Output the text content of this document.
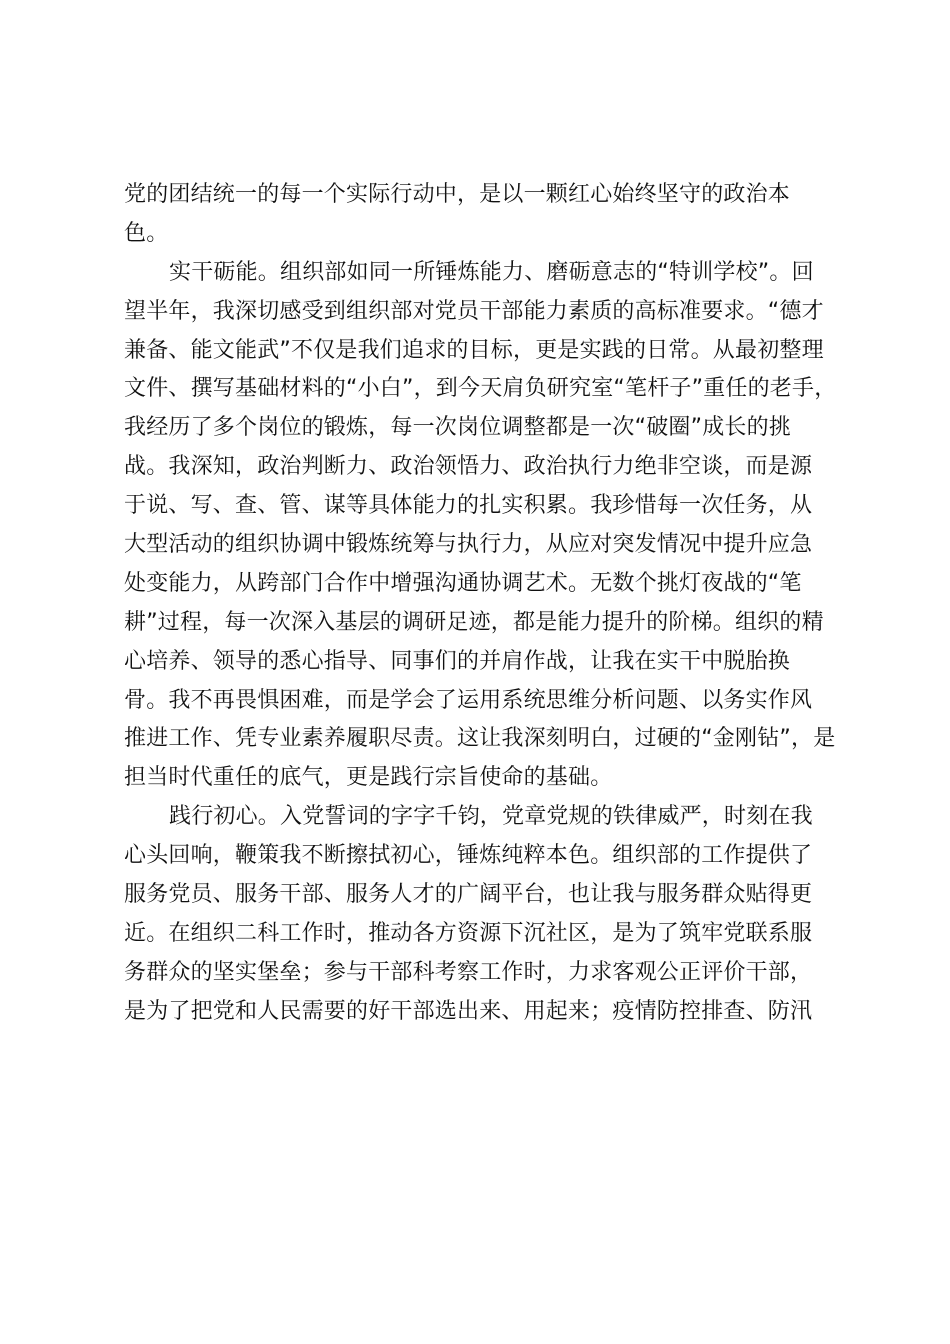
党的团结统一的每一个实际行动中，是以一颗红心始终坚守的政治本
色。
实干砺能。组织部如同一所锤炼能力、磨砺意志的“特训学校”。回
望半年，我深切感受到组织部对党员干部能力素质的高标准要求。“德才
兼备、能文能武”不仅是我们追求的目标，更是实践的日常。从最初整理
文件、撰写基础材料的“小白”，到今天肩负研究室“笔杆子”重任的老手，
我经历了多个岗位的锻炼，每一次岗位调整都是一次“破圈”成长的挑
战。我深知，政治判断力、政治领悟力、政治执行力绝非空谈，而是源
于说、写、查、管、谋等具体能力的扎实积累。我珍惜每一次任务，从
大型活动的组织协调中锻炼统筹与执行力，从应对突发情况中提升应急
处变能力，从跨部门合作中增强沟通协调艺术。无数个挑灯夜战的“笔
耕”过程，每一次深入基层的调研足迹，都是能力提升的阶梯。组织的精
心培养、领导的悉心指导、同事们的并肩作战，让我在实干中脱胎换
骨。我不再畏惧困难，而是学会了运用系统思维分析问题、以务实作风
推进工作、凭专业素养履职尽责。这让我深刻明白，过硬的“金刚钻”，是
担当时代重任的底气，更是践行宗旨使命的基础。
践行初心。入党誓词的字字千钧，党章党规的铁律威严，时刻在我
心头回响，鞭策我不断擦拭初心，锤炼纯粹本色。组织部的工作提供了
服务党员、服务干部、服务人才的广阔平台，也让我与服务群众贴得更
近。在组织二科工作时，推动各方资源下沉社区，是为了筑牢党联系服
务群众的坚实堡垒；参与干部科考察工作时，力求客观公正评价干部，
是为了把党和人民需要的好干部选出来、用起来；疫情防控排查、防汛
